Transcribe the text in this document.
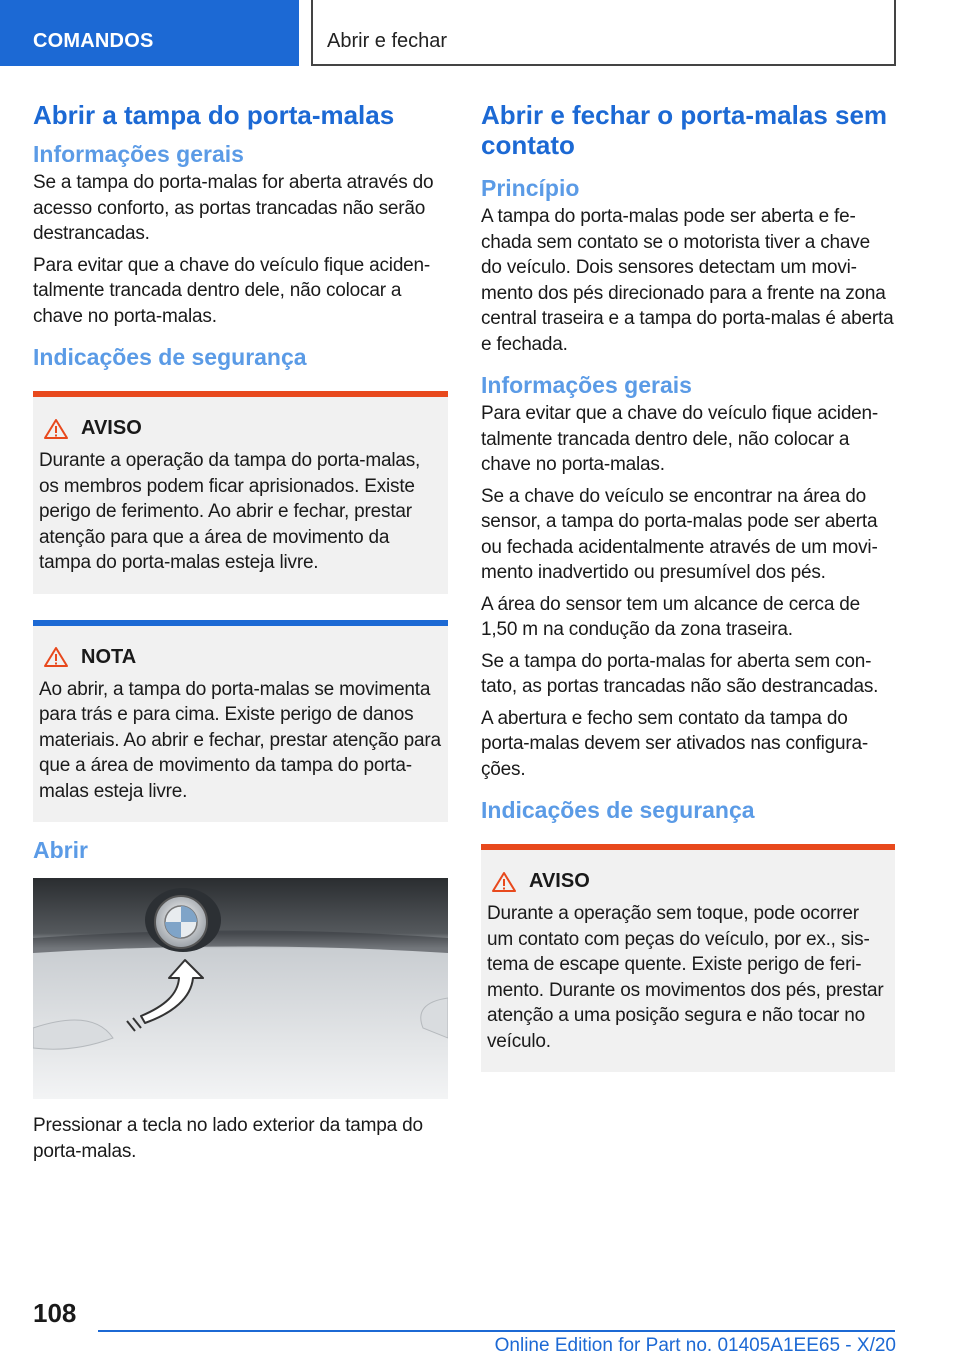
COMANDOS	Abrir e fechar
Abrir a tampa do porta-malas
Informações gerais

Se a tampa do porta-malas for aberta através do acesso conforto, as portas trancadas não serão destrancadas.

Para evitar que a chave do veículo fique acidentalmente trancada dentro dele, não colocar a chave no porta-malas.

Indicações de segurança
AVISO

Durante a operação da tampa do porta-malas, os membros podem ficar aprisionados. Existe perigo de ferimento. Ao abrir e fechar, prestar atenção para que a área de movimento da tampa do porta-malas esteja livre.

NOTA

Ao abrir, a tampa do porta-malas se movimenta para trás e para cima. Existe perigo de danos materiais. Ao abrir e fechar, prestar atenção para que a área de movimento da tampa do porta-malas esteja livre.

Abrir

Pressionar a tecla no lado exterior da tampa do porta-malas.

Abrir e fechar o porta-malas sem contato
Princípio

A tampa do porta-malas pode ser aberta e fechada sem contato se o motorista tiver a chave do veículo. Dois sensores detectam um movimento dos pés direcionado para a frente na zona central traseira e a tampa do porta-malas é aberta e fechada.

Informações gerais

Para evitar que a chave do veículo fique acidentalmente trancada dentro dele, não colocar a chave no porta-malas.

Se a chave do veículo se encontrar na área do sensor, a tampa do porta-malas pode ser aberta ou fechada acidentalmente através de um movimento inadvertido ou presumível dos pés.

A área do sensor tem um alcance de cerca de 1,50 m na condução da zona traseira.

Se a tampa do porta-malas for aberta sem contato, as portas trancadas não são destrancadas.

A abertura e fecho sem contato da tampa do porta-malas devem ser ativados nas configurações.

Indicações de segurança
AVISO

Durante a operação sem toque, pode ocorrer um contato com peças do veículo, por ex., sistema de escape quente. Existe perigo de ferimento. Durante os movimentos dos pés, prestar atenção a uma posição segura e não tocar no veículo.

108
Online Edition for Part no. 01405A1EE65 - X/20
